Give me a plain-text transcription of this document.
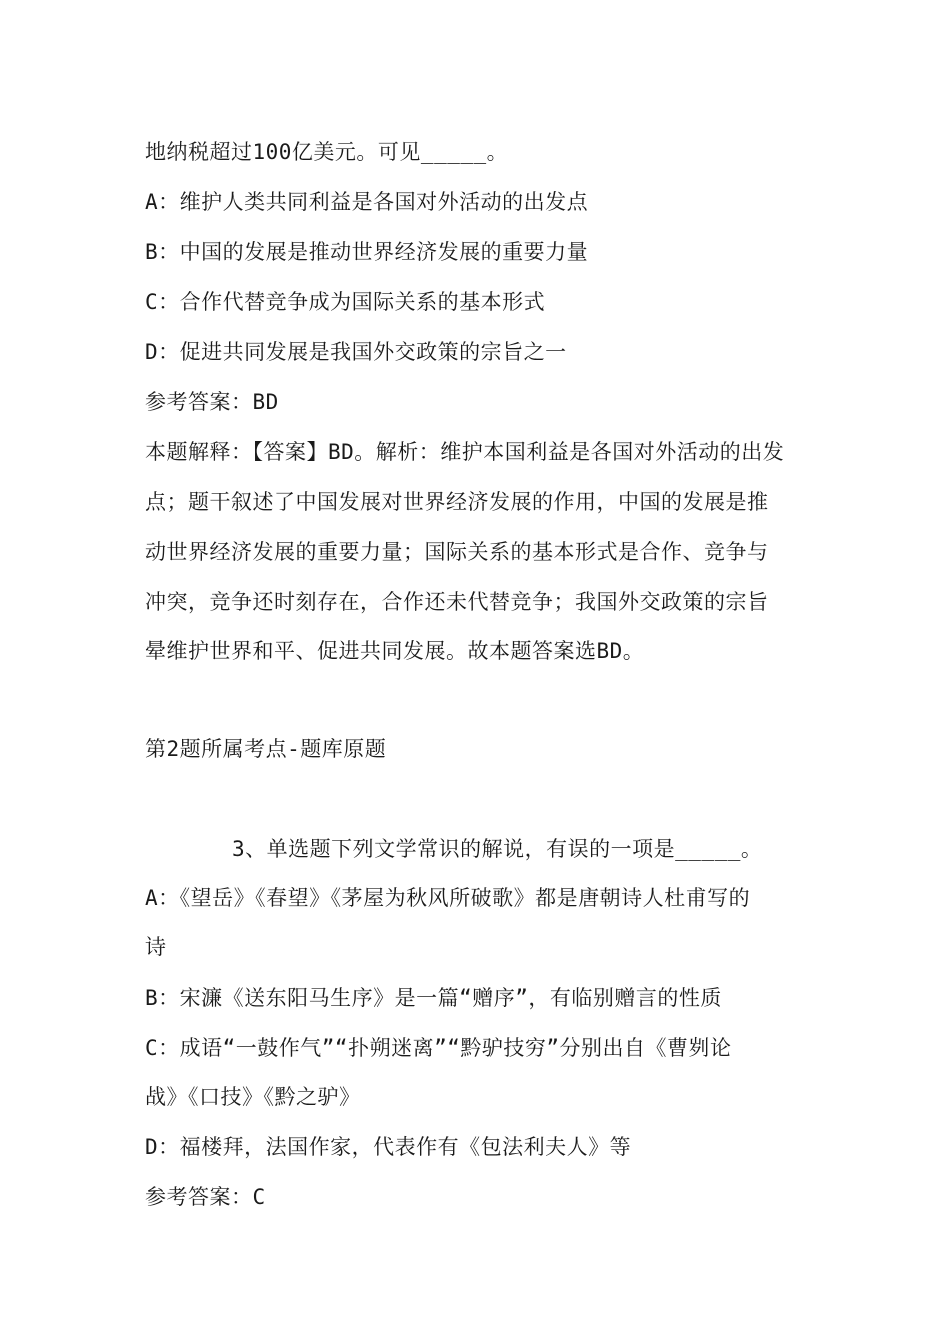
地纳税超过100亿美元。可见_____。
A：维护人类共同利益是各国对外活动的出发点
B：中国的发展是推动世界经济发展的重要力量
C：合作代替竞争成为国际关系的基本形式
D：促进共同发展是我国外交政策的宗旨之一
参考答案：BD
本题解释：【答案】BD。解析：维护本国利益是各国对外活动的出发
点；题干叙述了中国发展对世界经济发展的作用，中国的发展是推
动世界经济发展的重要力量；国际关系的基本形式是合作、竞争与
冲突，竞争还时刻存在，合作还未代替竞争；我国外交政策的宗旨
晕维护世界和平、促进共同发展。故本题答案选BD。
第2题所属考点-题库原题
3、单选题下列文学常识的解说，有误的一项是_____。
A：《望岳》《春望》《茅屋为秋风所破歌》都是唐朝诗人杜甫写的
诗
B：宋濂《送东阳马生序》是一篇“赠序”，有临别赠言的性质
C：成语“一鼓作气”“扑朔迷离”“黔驴技穷”分别出自《曹刿论
战》《口技》《黔之驴》
D：福楼拜，法国作家，代表作有《包法利夫人》等
参考答案：C
